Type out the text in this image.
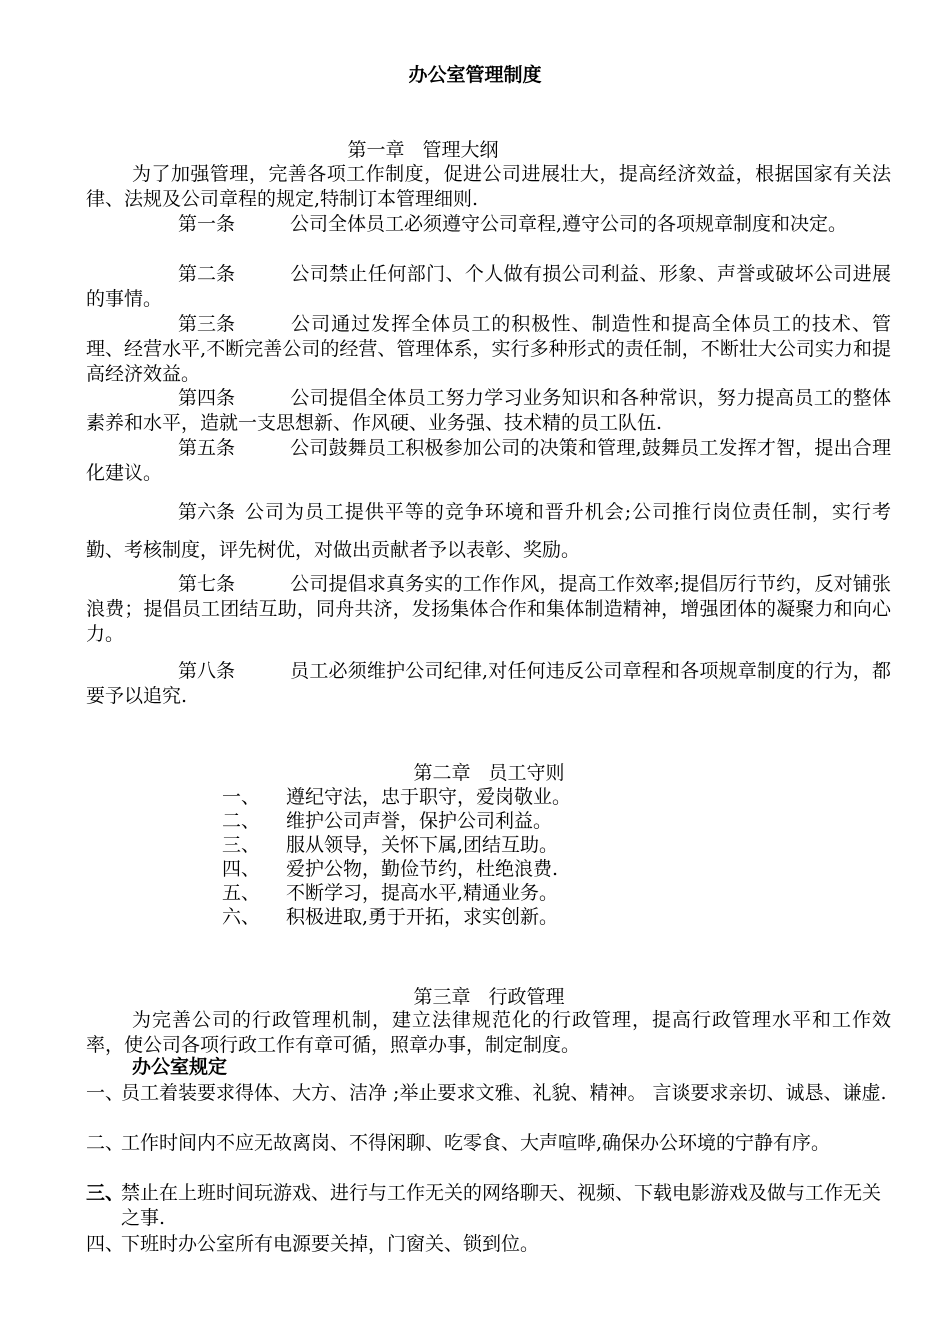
办公室管理制度
第一章 管理大纲

为了加强管理，完善各项工作制度，促进公司进展壮大，提高经济效益，根据国家有关法律、法规及公司章程的规定,特制订本管理细则.

第一条	公司全体员工必须遵守公司章程,遵守公司的各项规章制度和决定。

第二条	公司禁止任何部门、个人做有损公司利益、形象、声誉或破坏公司进展的事情。

第三条	公司通过发挥全体员工的积极性、制造性和提高全体员工的技术、管理、经营水平,不断完善公司的经营、管理体系，实行多种形式的责任制，不断壮大公司实力和提高经济效益。

第四条	公司提倡全体员工努力学习业务知识和各种常识，努力提高员工的整体素养和水平，造就一支思想新、作风硬、业务强、技术精的员工队伍.

第五条	公司鼓舞员工积极参加公司的决策和管理,鼓舞员工发挥才智，提出合理化建议。

第六条 公司为员工提供平等的竞争环境和晋升机会;公司推行岗位责任制，实行考勤、考核制度，评先树优，对做出贡献者予以表彰、奖励。

第七条	公司提倡求真务实的工作作风，提高工作效率;提倡厉行节约，反对铺张浪费；提倡员工团结互助，同舟共济，发扬集体合作和集体制造精神，增强团体的凝聚力和向心力。

第八条	员工必须维护公司纪律,对任何违反公司章程和各项规章制度的行为，都要予以追究.

第二章 员工守则
一、 遵纪守法，忠于职守，爱岗敬业。
二、 维护公司声誉，保护公司利益。
三、 服从领导，关怀下属,团结互助。
四、 爱护公物，勤俭节约，杜绝浪费.
五、 不断学习，提高水平,精通业务。
六、 积极进取,勇于开拓，求实创新。
第三章 行政管理

为完善公司的行政管理机制，建立法律规范化的行政管理，提高行政管理水平和工作效率，使公司各项行政工作有章可循，照章办事，制定制度。

办公室规定
一、员工着装要求得体、大方、洁净 ;举止要求文雅、礼貌、精神。 言谈要求亲切、诚恳、谦虚.
二、工作时间内不应无故离岗、不得闲聊、吃零食、大声喧哗,确保办公环境的宁静有序。
三、禁止在上班时间玩游戏、进行与工作无关的网络聊天、视频、下载电影游戏及做与工作无关之事.
四、下班时办公室所有电源要关掉，门窗关、锁到位。
